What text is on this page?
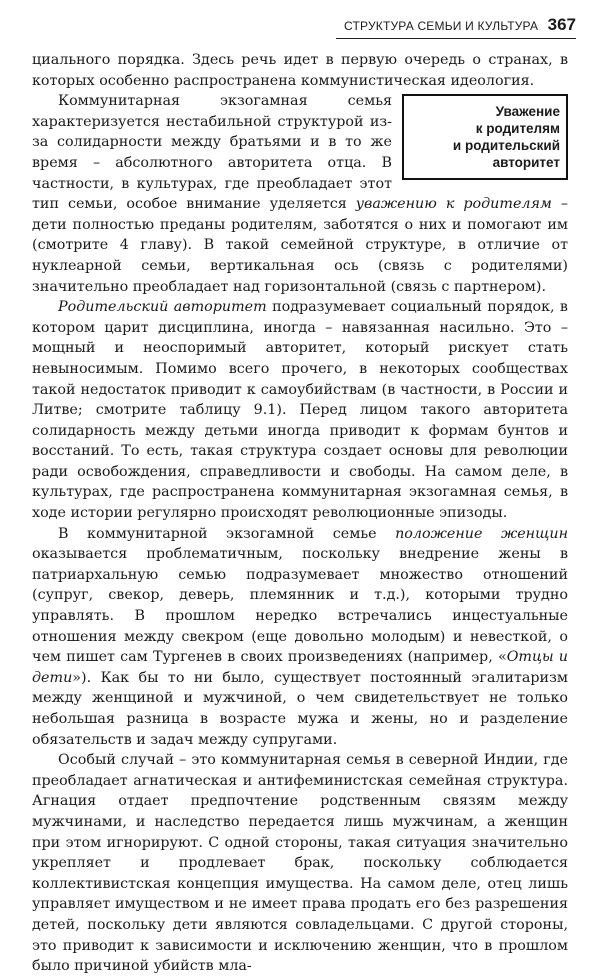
СТРУКТУРА СЕМЬИ И КУЛЬТУРА 367

циального порядка. Здесь речь идет в первую очередь о странах, в которых особенно распространена коммунистическая идеология.

Уважение
к родителям
и родительский
авторитет
Коммунитарная экзогамная семья характеризуется нестабильной структурой из-за солидарности между братьями и в то же время – абсолютного авторитета отца. В частности, в культурах, где преобладает этот тип семьи, особое внимание уделяется уважению к родителям – дети полностью преданы родителям, заботятся о них и помогают им (смотрите 4 главу). В такой семейной структуре, в отличие от нуклеарной семьи, вертикальная ось (связь с родителями) значительно преобладает над горизонтальной (связь с партнером).

Родительский авторитет подразумевает социальный порядок, в котором царит дисциплина, иногда – навязанная насильно. Это – мощный и неоспоримый авторитет, который рискует стать невыносимым. Помимо всего прочего, в некоторых сообществах такой недостаток приводит к самоубийствам (в частности, в России и Литве; смотрите таблицу 9.1). Перед лицом такого авторитета солидарность между детьми иногда приводит к формам бунтов и восстаний. То есть, такая структура создает основы для революции ради освобождения, справедливости и свободы. На самом деле, в культурах, где распространена коммунитарная экзогамная семья, в ходе истории регулярно происходят революционные эпизоды.

В коммунитарной экзогамной семье положение женщин оказывается проблематичным, поскольку внедрение жены в патриархальную семью подразумевает множество отношений (супруг, свекор, деверь, племянник и т.д.), которыми трудно управлять. В прошлом нередко встречались инцестуальные отношения между свекром (еще довольно молодым) и невесткой, о чем пишет сам Тургенев в своих произведениях (например, «Отцы и дети»). Как бы то ни было, существует постоянный эгалитаризм между женщиной и мужчиной, о чем свидетельствует не только небольшая разница в возрасте мужа и жены, но и разделение обязательств и задач между супругами.

Особый случай – это коммунитарная семья в северной Индии, где преобладает агнатическая и антифеминистская семейная структура. Агнация отдает предпочтение родственным связям между мужчинами, и наследство передается лишь мужчинам, а женщин при этом игнорируют. С одной стороны, такая ситуация значительно укрепляет и продлевает брак, поскольку соблюдается коллективистская концепция имущества. На самом деле, отец лишь управляет имуществом и не имеет права продать его без разрешения детей, поскольку дети являются совладельцами. С другой стороны, это приводит к зависимости и исключению женщин, что в прошлом было причиной убийств мла-
